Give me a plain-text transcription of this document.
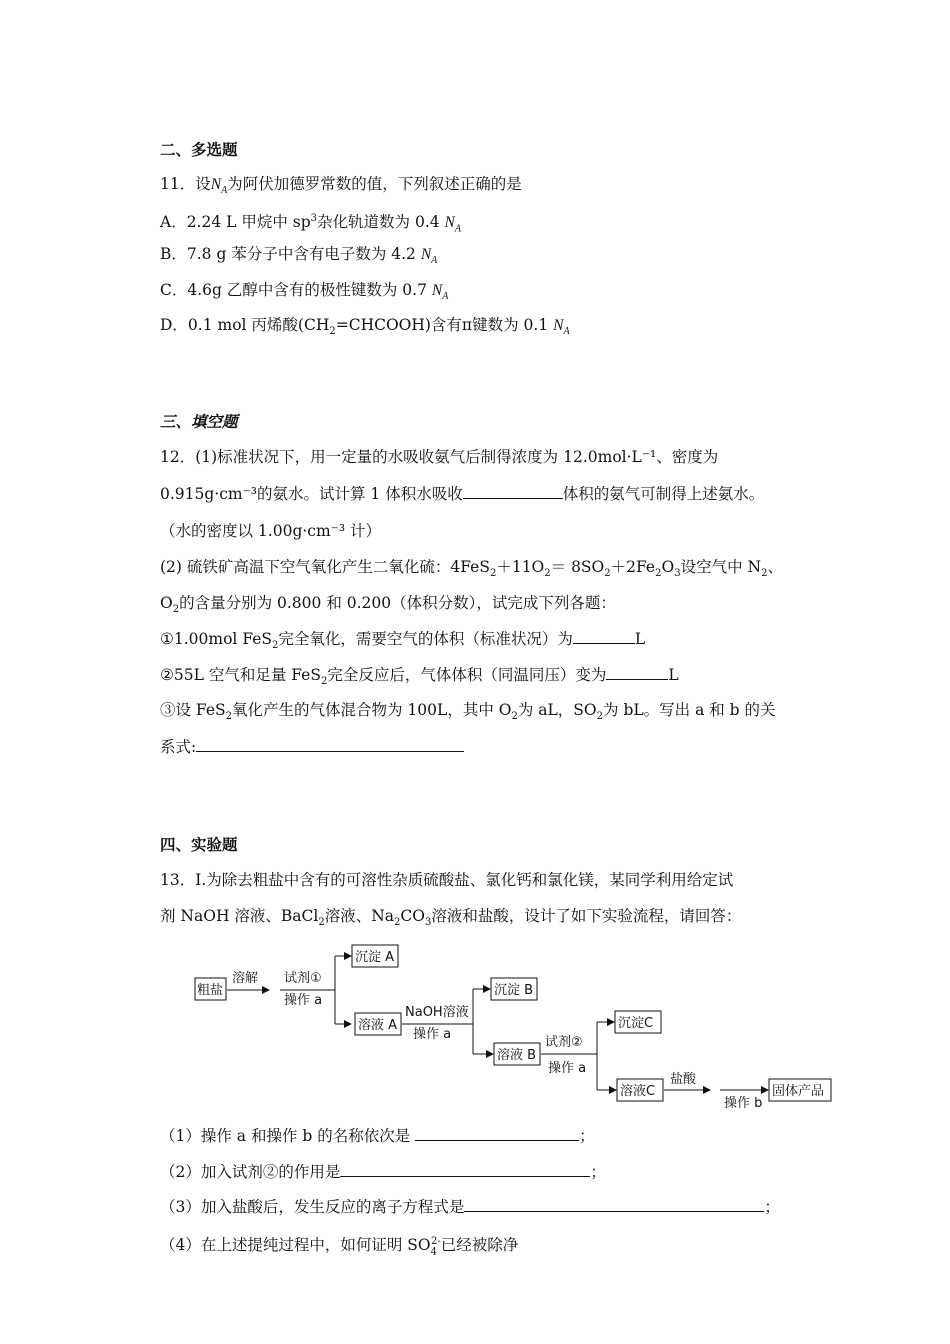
二、多选题
11．设$N_A$为阿伏加德罗常数的值，下列叙述正确的是
A．2.24 L 甲烷中 $sp^3$杂化轨道数为 0.4 $N_A$
B．7.8 g 苯分子中含有电子数为 4.2 $N_A$
C．4.6g 乙醇中含有的极性键数为 0.7 $N_A$
D．0.1 mol 丙烯酸$(CH_2=CHCOOH)$含有π键数为 0.1 $N_A$
三、填空题
12．(1)标准状况下，用一定量的水吸收氨气后制得浓度为 12.0mol·L⁻¹、密度为
0.915g·cm⁻³的氨水。试计算 1 体积水吸收	体积的氨气可制得上述氨水。
（水的密度以 1.00g·cm⁻³ 计）
(2) 硫铁矿高温下空气氧化产生二氧化硫：$4FeS_2+11O_2= 8SO_2+2Fe_2O_3$设空气中 $N_2$、
$O_2$的含量分别为 0.800 和 0.200（体积分数），试完成下列各题：
①1.00mol FeS$_2$完全氧化，需要空气的体积（标准状况）为	L
②55L 空气和足量 FeS$_2$完全反应后，气体体积（同温同压）变为	L
③设 FeS$_2$氧化产生的气体混合物为 100L，其中 $O_2$为 aL，$SO_2$为 bL。写出 a 和 b 的关
系式:
四、实验题
13．Ⅰ.为除去粗盐中含有的可溶性杂质硫酸盐、氯化钙和氯化镁，某同学利用给定试
剂 NaOH 溶液、BaCl$_2$溶液、$Na_2CO_3$溶液和盐酸，设计了如下实验流程，请回答：
粗盐
溶解 试剂①
操作 a
沉淀 A
溶液 A
NaOH溶液
操作 a
沉淀 B
溶液 B
试剂②
操作 a
沉淀C
溶液C
盐酸
操作 b
固体产品
（1）操作 a 和操作 b 的名称依次是	；
（2）加入试剂②的作用是	；
（3）加入盐酸后，发生反应的离子方程式是	；
（4）在上述提纯过程中，如何证明 $SO_4^{2-}$已经被除净
